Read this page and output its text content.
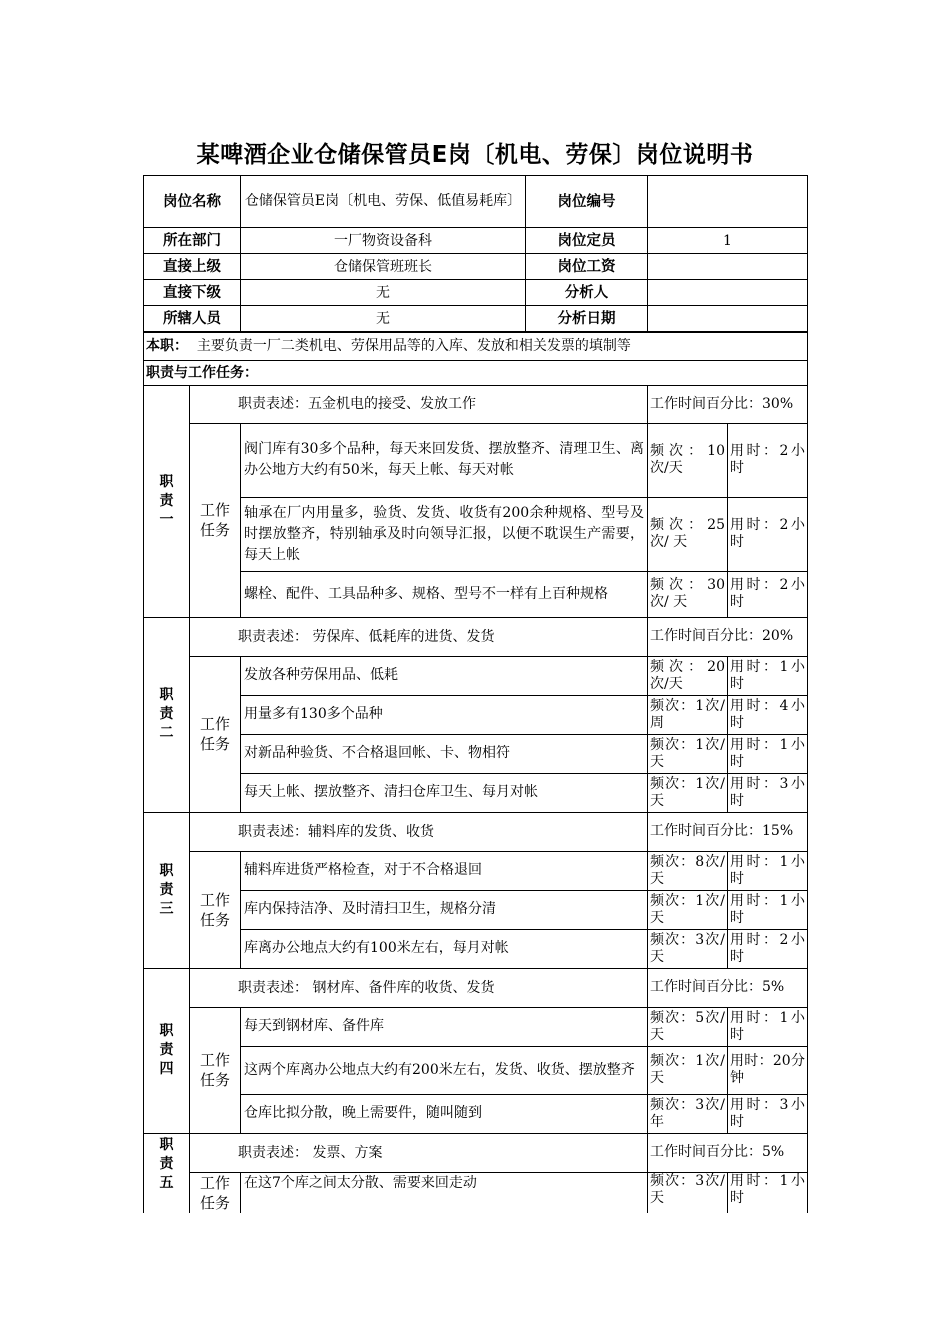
某啤酒企业仓储保管员E岗〔机电、劳保〕岗位说明书
岗位名称		仓储保管员E岗〔机电、劳保、低值易耗库〕	岗位编号		
所在部门		一厂物资设备科	岗位定员	1	
直接上级		仓储保管班班长	岗位工资		
直接下级		无	分析人		
所辖人员		无	分析日期		
本职： 主要负责一厂二类机电、劳保用品等的入库、发放和相关发票的填制等					
职责与工作任务：					
职
责
一	职责表述：五金机电的接受、发放工作			工作时间百分比：30%	
	工作
任务	阀门库有30多个品种，每天来回发货、摆放整齐、清理卫生、离办公地方大约有50米，每天上帐、每天对帐		频次：10次/天	用时：2小时
		轴承在厂内用量多，验货、发货、收货有200余种规格、型号及时摆放整齐，特别轴承及时向领导汇报，以便不耽误生产需要，每天上帐		频次：25次/ 天	用时：2小时
		螺栓、配件、工具品种多、规格、型号不一样有上百种规格		频次：30次/ 天	用时：2小时
职
责
二	职责表述： 劳保库、低耗库的进货、发货			工作时间百分比：20%	
	工作
任务	发放各种劳保用品、低耗		频次：20次/天	用时：1小时
		用量多有130多个品种		频次：1次/周	用时：4小时
		对新品种验货、不合格退回帐、卡、物相符		频次：1次/天	用时：1小时
		每天上帐、摆放整齐、清扫仓库卫生、每月对帐		频次：1次/天	用时：3小时
职
责
三	职责表述：辅料库的发货、收货			工作时间百分比：15%	
	工作
任务	辅料库进货严格检查，对于不合格退回		频次：8次/天	用时：1小时
		库内保持洁净、及时清扫卫生，规格分清		频次：1次/ 天	用时：1小时
		库离办公地点大约有100米左右，每月对帐		频次：3次/天	用时：2小时
职
责
四	职责表述： 钢材库、备件库的收货、发货			工作时间百分比：5%	
	工作
任务	每天到钢材库、备件库		频次：5次/天	用时：1小时
		这两个库离办公地点大约有200米左右，发货、收货、摆放整齐		频次：1次/天	用时：20分钟
		仓库比拟分散，晚上需要件，随叫随到		频次：3次/年	用时：3小时
职
责
五	职责表述： 发票、方案			工作时间百分比：5%	
	工作
任务	在这7个库之间太分散、需要来回走动		频次：3次/天	用时：1小时
